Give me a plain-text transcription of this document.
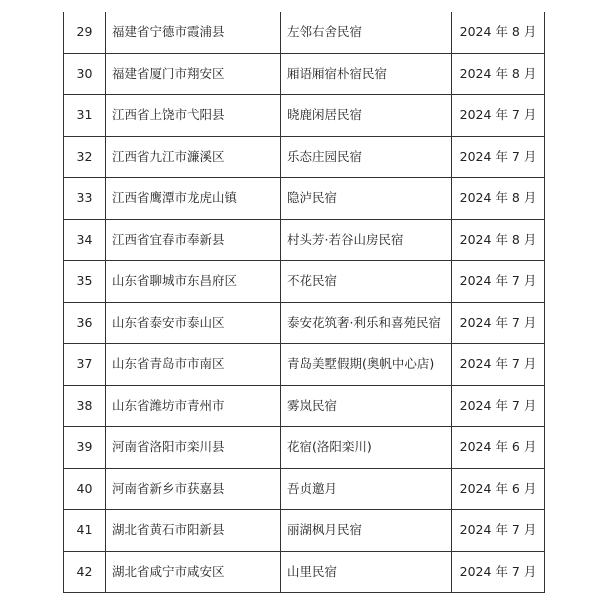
29	福建省宁德市霞浦县	左邻右舍民宿	2024 年 8 月
30	福建省厦门市翔安区	厢语厢宿朴宿民宿	2024 年 8 月
31	江西省上饶市弋阳县	晓鹿闲居民宿	2024 年 7 月
32	江西省九江市濂溪区	乐态庄园民宿	2024 年 7 月
33	江西省鹰潭市龙虎山镇	隐泸民宿	2024 年 8 月
34	江西省宜春市奉新县	村头芳·若谷山房民宿	2024 年 8 月
35	山东省聊城市东昌府区	不花民宿	2024 年 7 月
36	山东省泰安市泰山区	泰安花筑奢·利乐和喜苑民宿	2024 年 7 月
37	山东省青岛市市南区	青岛美墅假期(奥帆中心店)	2024 年 7 月
38	山东省潍坊市青州市	雾岚民宿	2024 年 7 月
39	河南省洛阳市栾川县	花宿(洛阳栾川)	2024 年 6 月
40	河南省新乡市获嘉县	吾贞邀月	2024 年 6 月
41	湖北省黄石市阳新县	丽湖枫月民宿	2024 年 7 月
42	湖北省咸宁市咸安区	山里民宿	2024 年 7 月
